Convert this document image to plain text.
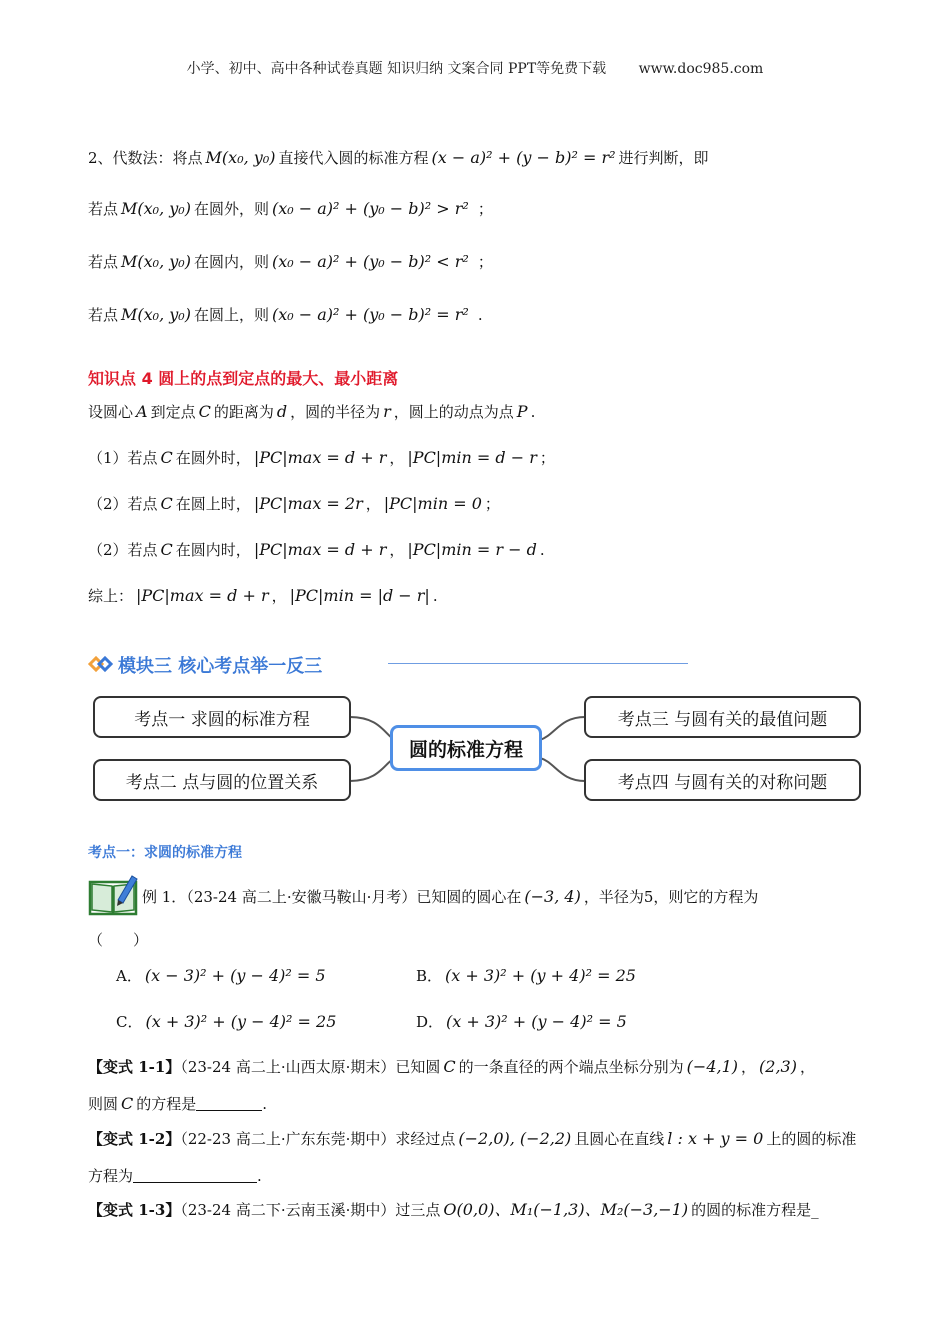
小学、初中、高中各种试卷真题 知识归纳 文案合同 PPT等免费下载 www.doc985.com
2、代数法：将点 M(x₀, y₀) 直接代入圆的标准方程 (x − a)² + (y − b)² = r² 进行判断，即
若点 M(x₀, y₀) 在圆外，则 (x₀ − a)² + (y₀ − b)² > r² ；
若点 M(x₀, y₀) 在圆内，则 (x₀ − a)² + (y₀ − b)² < r² ；
若点 M(x₀, y₀) 在圆上，则 (x₀ − a)² + (y₀ − b)² = r² .
知识点 4 圆上的点到定点的最大、最小距离
设圆心 A 到定点 C 的距离为 d ，圆的半径为 r ，圆上的动点为点 P .
（1）若点 C 在圆外时， |PC|max = d + r ， |PC|min = d − r ；
（2）若点 C 在圆上时， |PC|max = 2r ， |PC|min = 0 ；
（2）若点 C 在圆内时， |PC|max = d + r ， |PC|min = r − d .
综上： |PC|max = d + r ， |PC|min = |d − r| .
模块三 核心考点举一反三
考点一 求圆的标准方程
考点二 点与圆的位置关系
圆的标准方程
考点三 与圆有关的最值问题
考点四 与圆有关的对称问题
考点一：求圆的标准方程
例 1．（23-24 高二上·安徽马鞍山·月考）已知圆的圆心在 (−3, 4) ，半径为5，则它的方程为
（　　）
A． (x − 3)² + (y − 4)² = 5	B． (x + 3)² + (y + 4)² = 25
C． (x + 3)² + (y − 4)² = 25	D． (x + 3)² + (y − 4)² = 5
【变式 1-1】（23-24 高二上·山西太原·期末）已知圆 C 的一条直径的两个端点坐标分别为 (−4,1) ， (2,3) ，
则圆 C 的方程是	.
【变式 1-2】（22-23 高二上·广东东莞·期中）求经过点 (−2,0), (−2,2) 且圆心在直线 l : x + y = 0 上的圆的标准
方程为	.
【变式 1-3】（23-24 高二下·云南玉溪·期中）过三点 O(0,0)、M₁(−1,3)、M₂(−3,−1) 的圆的标准方程是_
